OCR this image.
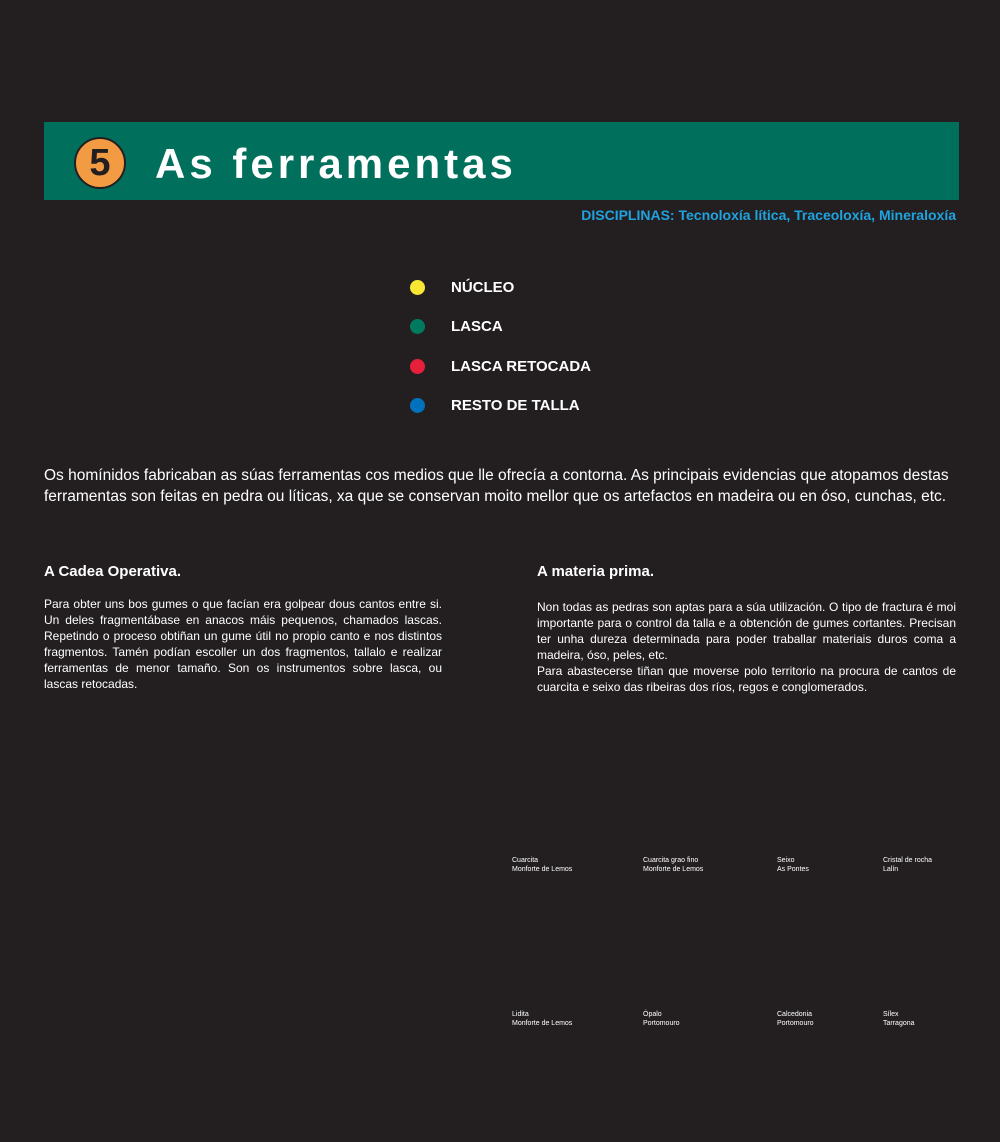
5	As ferramentas
DISCIPLINAS: Tecnoloxía lítica, Traceoloxía, Mineraloxía
NÚCLEO
LASCA
LASCA RETOCADA
RESTO DE TALLA
Os homínidos fabricaban as súas ferramentas cos medios que lle ofrecía a contorna. As principais evidencias que atopamos destas ferramentas son feitas en pedra ou líticas, xa que se conservan moito mellor que os artefactos en madeira ou en óso, cunchas, etc.
A Cadea Operativa.

Para obter uns bos gumes o que facían era golpear dous cantos entre si. Un deles fragmentábase en anacos máis pequenos, chamados lascas. Repetindo o proceso obtiñan un gume útil no propio canto e nos distintos fragmentos. Tamén podían escoller un dos fragmentos, tallalo e realizar ferramentas de menor tamaño. Son os instrumentos sobre lasca, ou lascas retocadas.

A materia prima.

Non todas as pedras son aptas para a súa utilización. O tipo de fractura é moi importante para o control da talla e a obtención de gumes cortantes. Precisan ter unha dureza determinada para poder traballar materiais duros coma a madeira, óso, peles, etc.

Para abastecerse tiñan que moverse polo territorio na procura de cantos de cuarcita e seixo das ribeiras dos ríos, regos e conglomerados.

Cuarcita
Monforte de Lemos
Cuarcita grao fino
Monforte de Lemos
Seixo
As Pontes
Cristal de rocha
Lalín
Lidita
Monforte de Lemos
Ópalo
Portomouro
Calcedonia
Portomouro
Sílex
Tarragona
